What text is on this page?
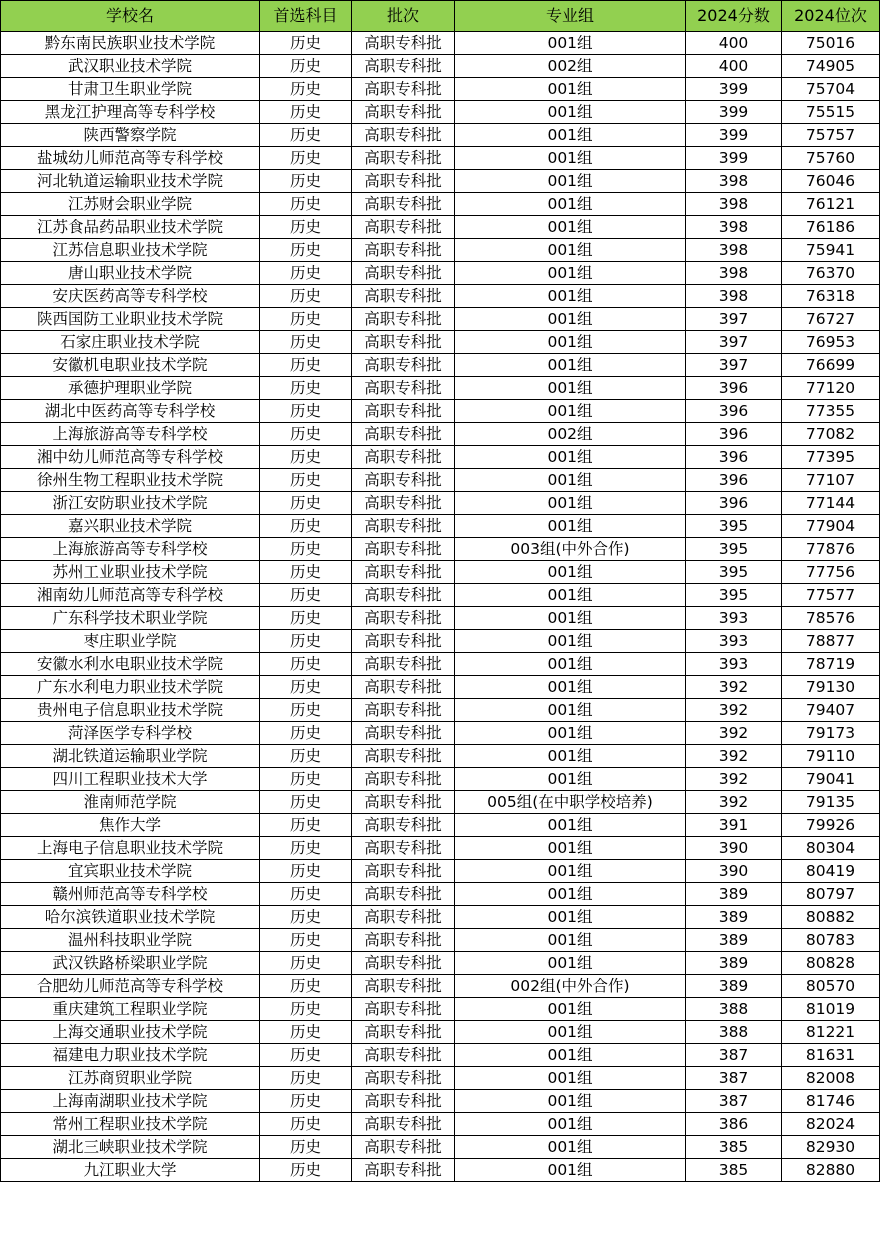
学校名	首选科目	批次	专业组	2024分数	2024位次
黔东南民族职业技术学院	历史	高职专科批	001组	400	75016
武汉职业技术学院	历史	高职专科批	002组	400	74905
甘肃卫生职业学院	历史	高职专科批	001组	399	75704
黑龙江护理高等专科学校	历史	高职专科批	001组	399	75515
陕西警察学院	历史	高职专科批	001组	399	75757
盐城幼儿师范高等专科学校	历史	高职专科批	001组	399	75760
河北轨道运输职业技术学院	历史	高职专科批	001组	398	76046
江苏财会职业学院	历史	高职专科批	001组	398	76121
江苏食品药品职业技术学院	历史	高职专科批	001组	398	76186
江苏信息职业技术学院	历史	高职专科批	001组	398	75941
唐山职业技术学院	历史	高职专科批	001组	398	76370
安庆医药高等专科学校	历史	高职专科批	001组	398	76318
陕西国防工业职业技术学院	历史	高职专科批	001组	397	76727
石家庄职业技术学院	历史	高职专科批	001组	397	76953
安徽机电职业技术学院	历史	高职专科批	001组	397	76699
承德护理职业学院	历史	高职专科批	001组	396	77120
湖北中医药高等专科学校	历史	高职专科批	001组	396	77355
上海旅游高等专科学校	历史	高职专科批	002组	396	77082
湘中幼儿师范高等专科学校	历史	高职专科批	001组	396	77395
徐州生物工程职业技术学院	历史	高职专科批	001组	396	77107
浙江安防职业技术学院	历史	高职专科批	001组	396	77144
嘉兴职业技术学院	历史	高职专科批	001组	395	77904
上海旅游高等专科学校	历史	高职专科批	003组(中外合作)	395	77876
苏州工业职业技术学院	历史	高职专科批	001组	395	77756
湘南幼儿师范高等专科学校	历史	高职专科批	001组	395	77577
广东科学技术职业学院	历史	高职专科批	001组	393	78576
枣庄职业学院	历史	高职专科批	001组	393	78877
安徽水利水电职业技术学院	历史	高职专科批	001组	393	78719
广东水利电力职业技术学院	历史	高职专科批	001组	392	79130
贵州电子信息职业技术学院	历史	高职专科批	001组	392	79407
菏泽医学专科学校	历史	高职专科批	001组	392	79173
湖北铁道运输职业学院	历史	高职专科批	001组	392	79110
四川工程职业技术大学	历史	高职专科批	001组	392	79041
淮南师范学院	历史	高职专科批	005组(在中职学校培养)	392	79135
焦作大学	历史	高职专科批	001组	391	79926
上海电子信息职业技术学院	历史	高职专科批	001组	390	80304
宜宾职业技术学院	历史	高职专科批	001组	390	80419
赣州师范高等专科学校	历史	高职专科批	001组	389	80797
哈尔滨铁道职业技术学院	历史	高职专科批	001组	389	80882
温州科技职业学院	历史	高职专科批	001组	389	80783
武汉铁路桥梁职业学院	历史	高职专科批	001组	389	80828
合肥幼儿师范高等专科学校	历史	高职专科批	002组(中外合作)	389	80570
重庆建筑工程职业学院	历史	高职专科批	001组	388	81019
上海交通职业技术学院	历史	高职专科批	001组	388	81221
福建电力职业技术学院	历史	高职专科批	001组	387	81631
江苏商贸职业学院	历史	高职专科批	001组	387	82008
上海南湖职业技术学院	历史	高职专科批	001组	387	81746
常州工程职业技术学院	历史	高职专科批	001组	386	82024
湖北三峡职业技术学院	历史	高职专科批	001组	385	82930
九江职业大学	历史	高职专科批	001组	385	82880
